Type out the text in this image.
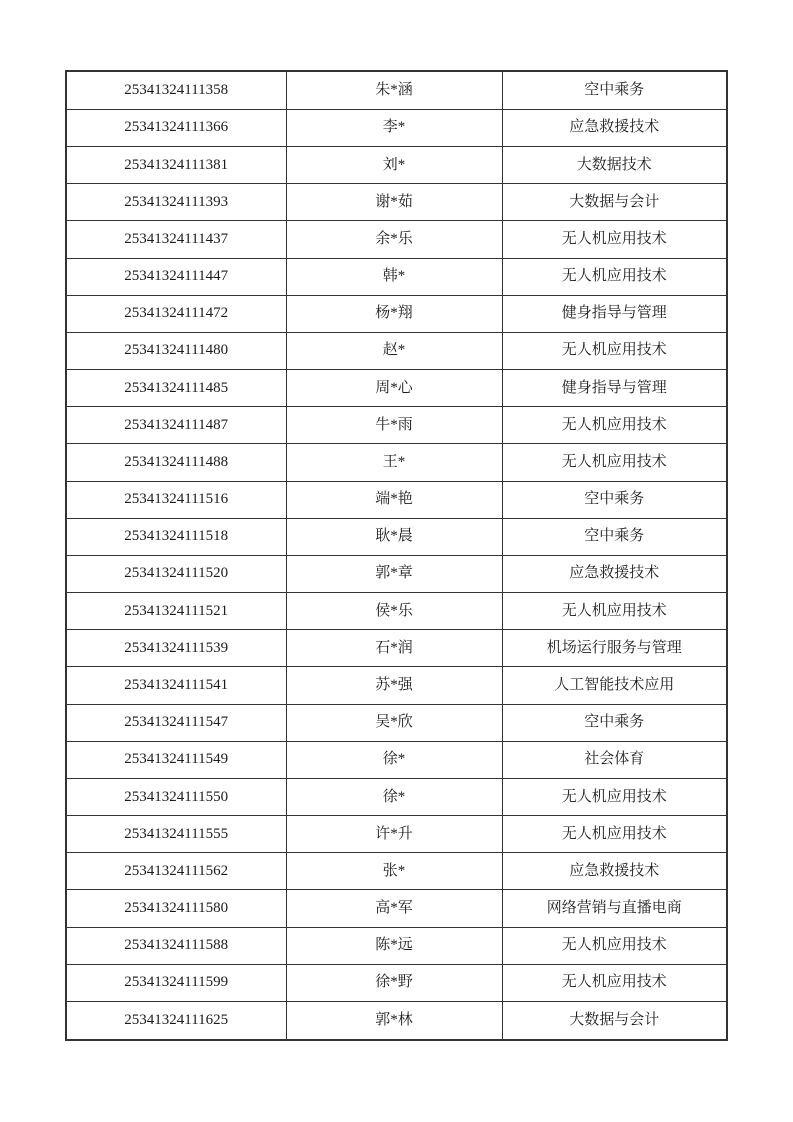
25341324111358	朱*涵	空中乘务
25341324111366	李*	应急救援技术
25341324111381	刘*	大数据技术
25341324111393	谢*茹	大数据与会计
25341324111437	余*乐	无人机应用技术
25341324111447	韩*	无人机应用技术
25341324111472	杨*翔	健身指导与管理
25341324111480	赵*	无人机应用技术
25341324111485	周*心	健身指导与管理
25341324111487	牛*雨	无人机应用技术
25341324111488	王*	无人机应用技术
25341324111516	端*艳	空中乘务
25341324111518	耿*晨	空中乘务
25341324111520	郭*章	应急救援技术
25341324111521	侯*乐	无人机应用技术
25341324111539	石*润	机场运行服务与管理
25341324111541	苏*强	人工智能技术应用
25341324111547	吴*欣	空中乘务
25341324111549	徐*	社会体育
25341324111550	徐*	无人机应用技术
25341324111555	许*升	无人机应用技术
25341324111562	张*	应急救援技术
25341324111580	高*军	网络营销与直播电商
25341324111588	陈*远	无人机应用技术
25341324111599	徐*野	无人机应用技术
25341324111625	郭*林	大数据与会计
